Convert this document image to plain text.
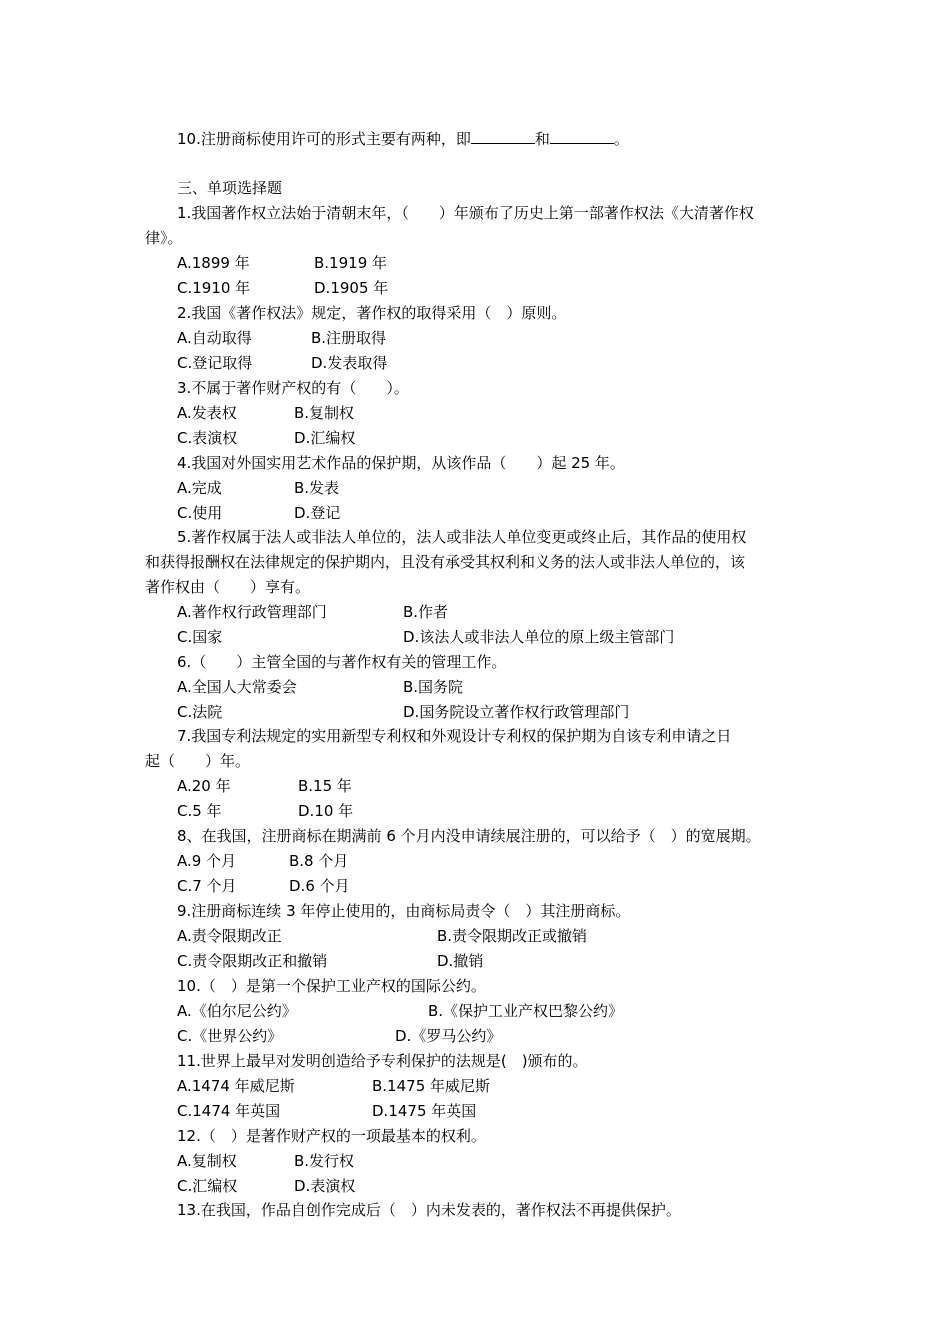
10.注册商标使用许可的形式主要有两种，即	和	。
三、单项选择题
1.我国著作权立法始于清朝末年，（　　）年颁布了历史上第一部著作权法《大清著作权
律》。
A.1899 年	B.1919 年
C.1910 年	D.1905 年
2.我国《著作权法》规定，著作权的取得采用（　）原则。
A.自动取得	B.注册取得
C.登记取得	D.发表取得
3.不属于著作财产权的有（　　）。
A.发表权	B.复制权
C.表演权	D.汇编权
4.我国对外国实用艺术作品的保护期，从该作品（　　）起 25 年。
A.完成	B.发表
C.使用	D.登记
5.著作权属于法人或非法人单位的，法人或非法人单位变更或终止后，其作品的使用权
和获得报酬权在法律规定的保护期内，且没有承受其权利和义务的法人或非法人单位的，该
著作权由（　　）享有。
A.著作权行政管理部门	B.作者
C.国家	D.该法人或非法人单位的原上级主管部门
6.（　　）主管全国的与著作权有关的管理工作。
A.全国人大常委会	B.国务院
C.法院	D.国务院设立著作权行政管理部门
7.我国专利法规定的实用新型专利权和外观设计专利权的保护期为自该专利申请之日
起（　　）年。
A.20 年	B.15 年
C.5 年	D.10 年
8、在我国，注册商标在期满前 6 个月内没申请续展注册的，可以给予（　）的宽展期。
A.9 个月	B.8 个月
C.7 个月	D.6 个月
9.注册商标连续 3 年停止使用的，由商标局责令（　）其注册商标。
A.责令限期改正	B.责令限期改正或撤销
C.责令限期改正和撤销	D.撤销
10.（　）是第一个保护工业产权的国际公约。
A.《伯尔尼公约》	B.《保护工业产权巴黎公约》
C.《世界公约》	D.《罗马公约》
11.世界上最早对发明创造给予专利保护的法规是(　)颁布的。
A.1474 年威尼斯	B.1475 年威尼斯
C.1474 年英国	D.1475 年英国
12.（　）是著作财产权的一项最基本的权利。
A.复制权	B.发行权
C.汇编权	D.表演权
13.在我国，作品自创作完成后（　）内未发表的，著作权法不再提供保护。
